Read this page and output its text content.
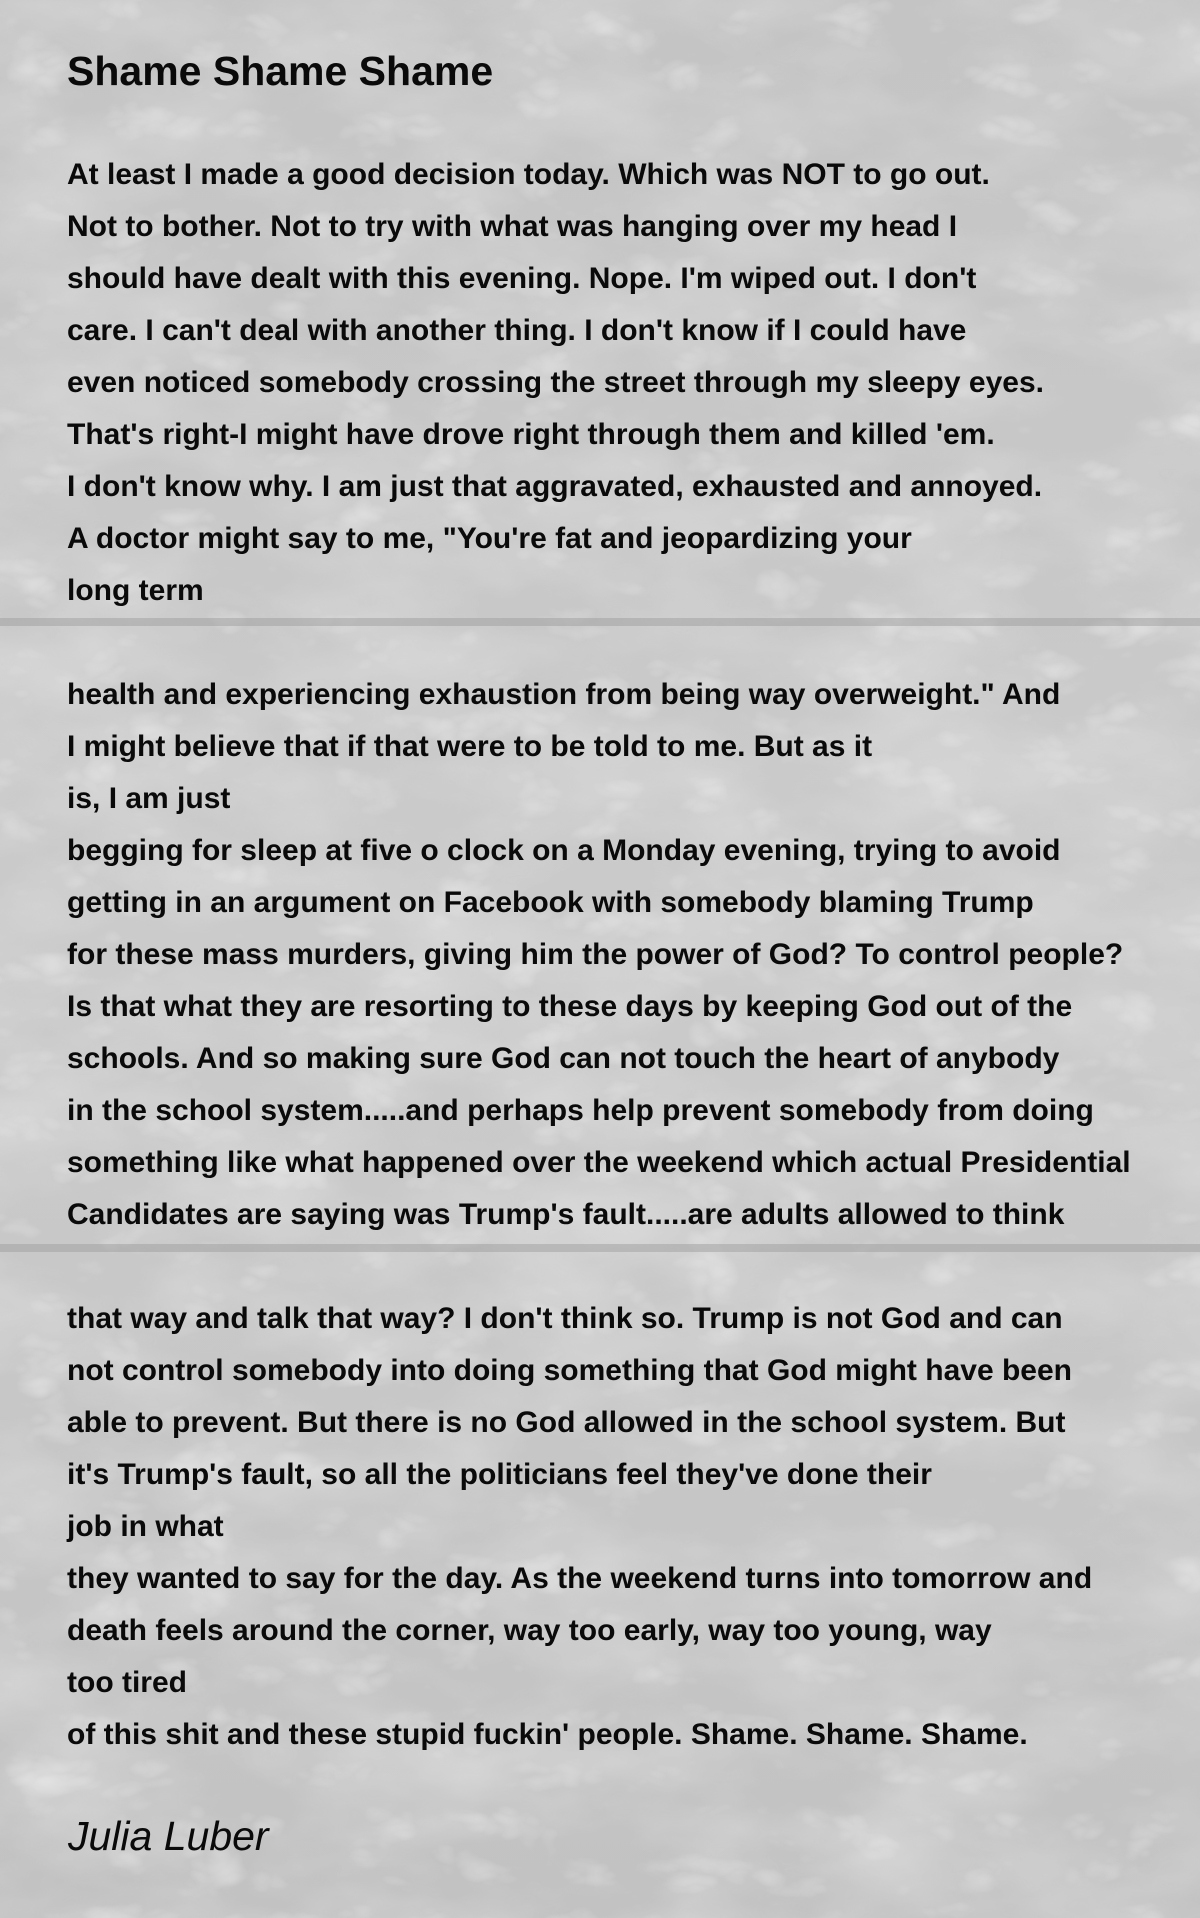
Shame Shame Shame
At least I made a good decision today. Which was NOT to go out.
Not to bother. Not to try with what was hanging over my head I
should have dealt with this evening. Nope. I'm wiped out. I don't
care. I can't deal with another thing. I don't know if I could have
even noticed somebody crossing the street through my sleepy eyes.
That's right-I might have drove right through them and killed 'em.
I don't know why. I am just that aggravated, exhausted and annoyed.
A doctor might say to me, "You're fat and jeopardizing your
long term
health and experiencing exhaustion from being way overweight." And
I might believe that if that were to be told to me. But as it
is, I am just
begging for sleep at five o clock on a Monday evening, trying to avoid
getting in an argument on Facebook with somebody blaming Trump
for these mass murders, giving him the power of God? To control people?
Is that what they are resorting to these days by keeping God out of the
schools. And so making sure God can not touch the heart of anybody
in the school system.....and perhaps help prevent somebody from doing
something like what happened over the weekend which actual Presidential
Candidates are saying was Trump's fault.....are adults allowed to think
that way and talk that way? I don't think so. Trump is not God and can
not control somebody into doing something that God might have been
able to prevent. But there is no God allowed in the school system. But
it's Trump's fault, so all the politicians feel they've done their
job in what
they wanted to say for the day. As the weekend turns into tomorrow and
death feels around the corner, way too early, way too young, way
too tired
of this shit and these stupid fuckin' people. Shame. Shame. Shame.

Julia Luber
